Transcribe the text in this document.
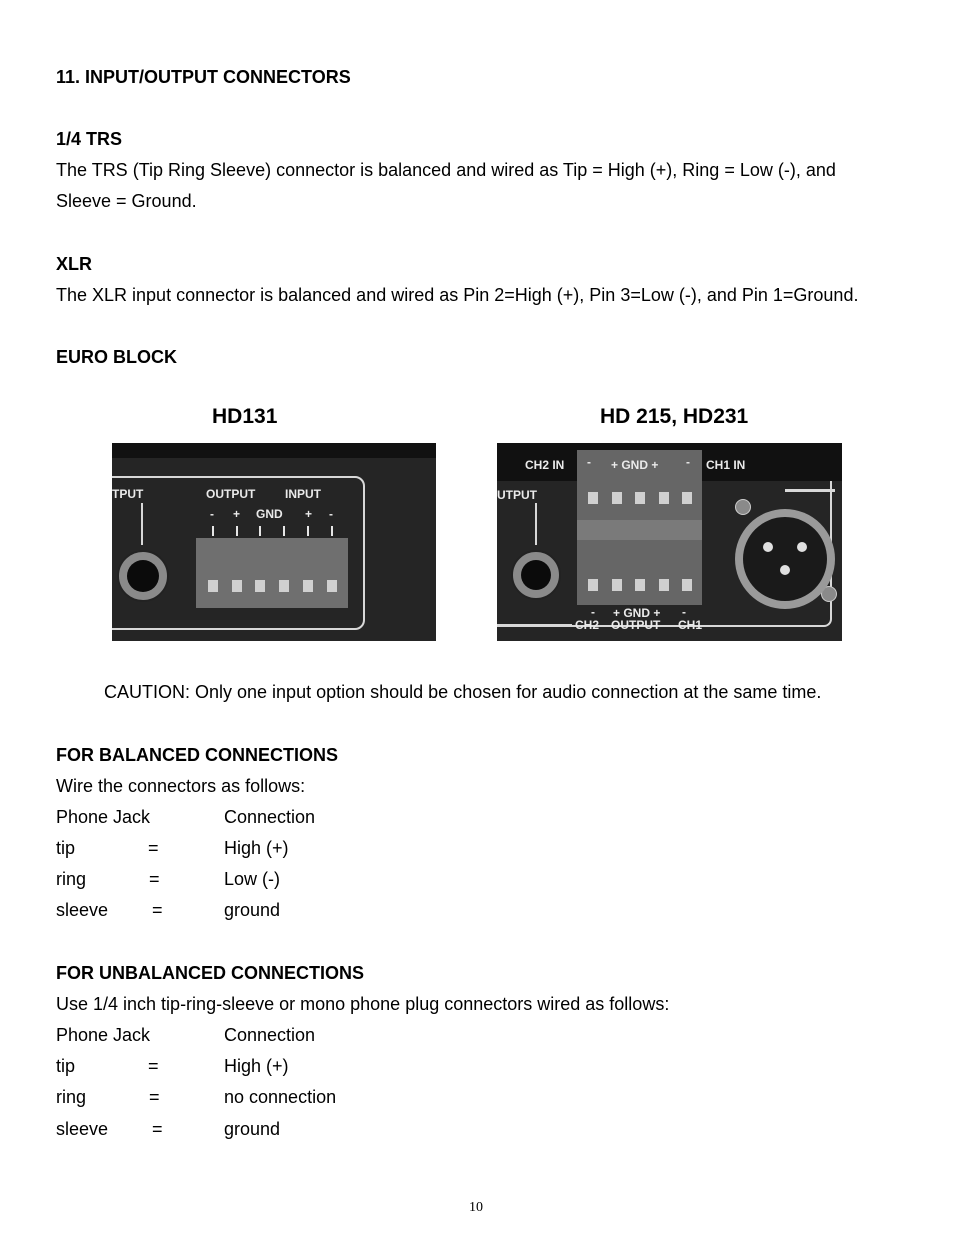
11. INPUT/OUTPUT CONNECTORS
1/4 TRS
The TRS (Tip Ring Sleeve) connector is balanced and wired as Tip = High (+), Ring = Low (-), and
Sleeve = Ground.
XLR
The XLR input connector is balanced and wired as Pin 2=High (+), Pin 3=Low (-), and Pin 1=Ground.
EURO BLOCK
HD131	HD 215, HD231
TPUT	OUTPUT INPUT
- + GND + -
CH2 IN	CH1 IN
UTPUT
- + GND + -
- + GND + -
CH2 OUTPUT CH1
CAUTION: Only one input option should be chosen for audio connection at the same time.
FOR BALANCED CONNECTIONS
Wire the connectors as follows:
Phone Jack	Connection
tip	=	High (+)
ring	=	Low (-)
sleeve =	ground
FOR UNBALANCED CONNECTIONS
Use 1/4 inch tip-ring-sleeve or mono phone plug connectors wired as follows:
Phone Jack	Connection
tip	=	High (+)
ring	=	no connection
sleeve =	ground
10
